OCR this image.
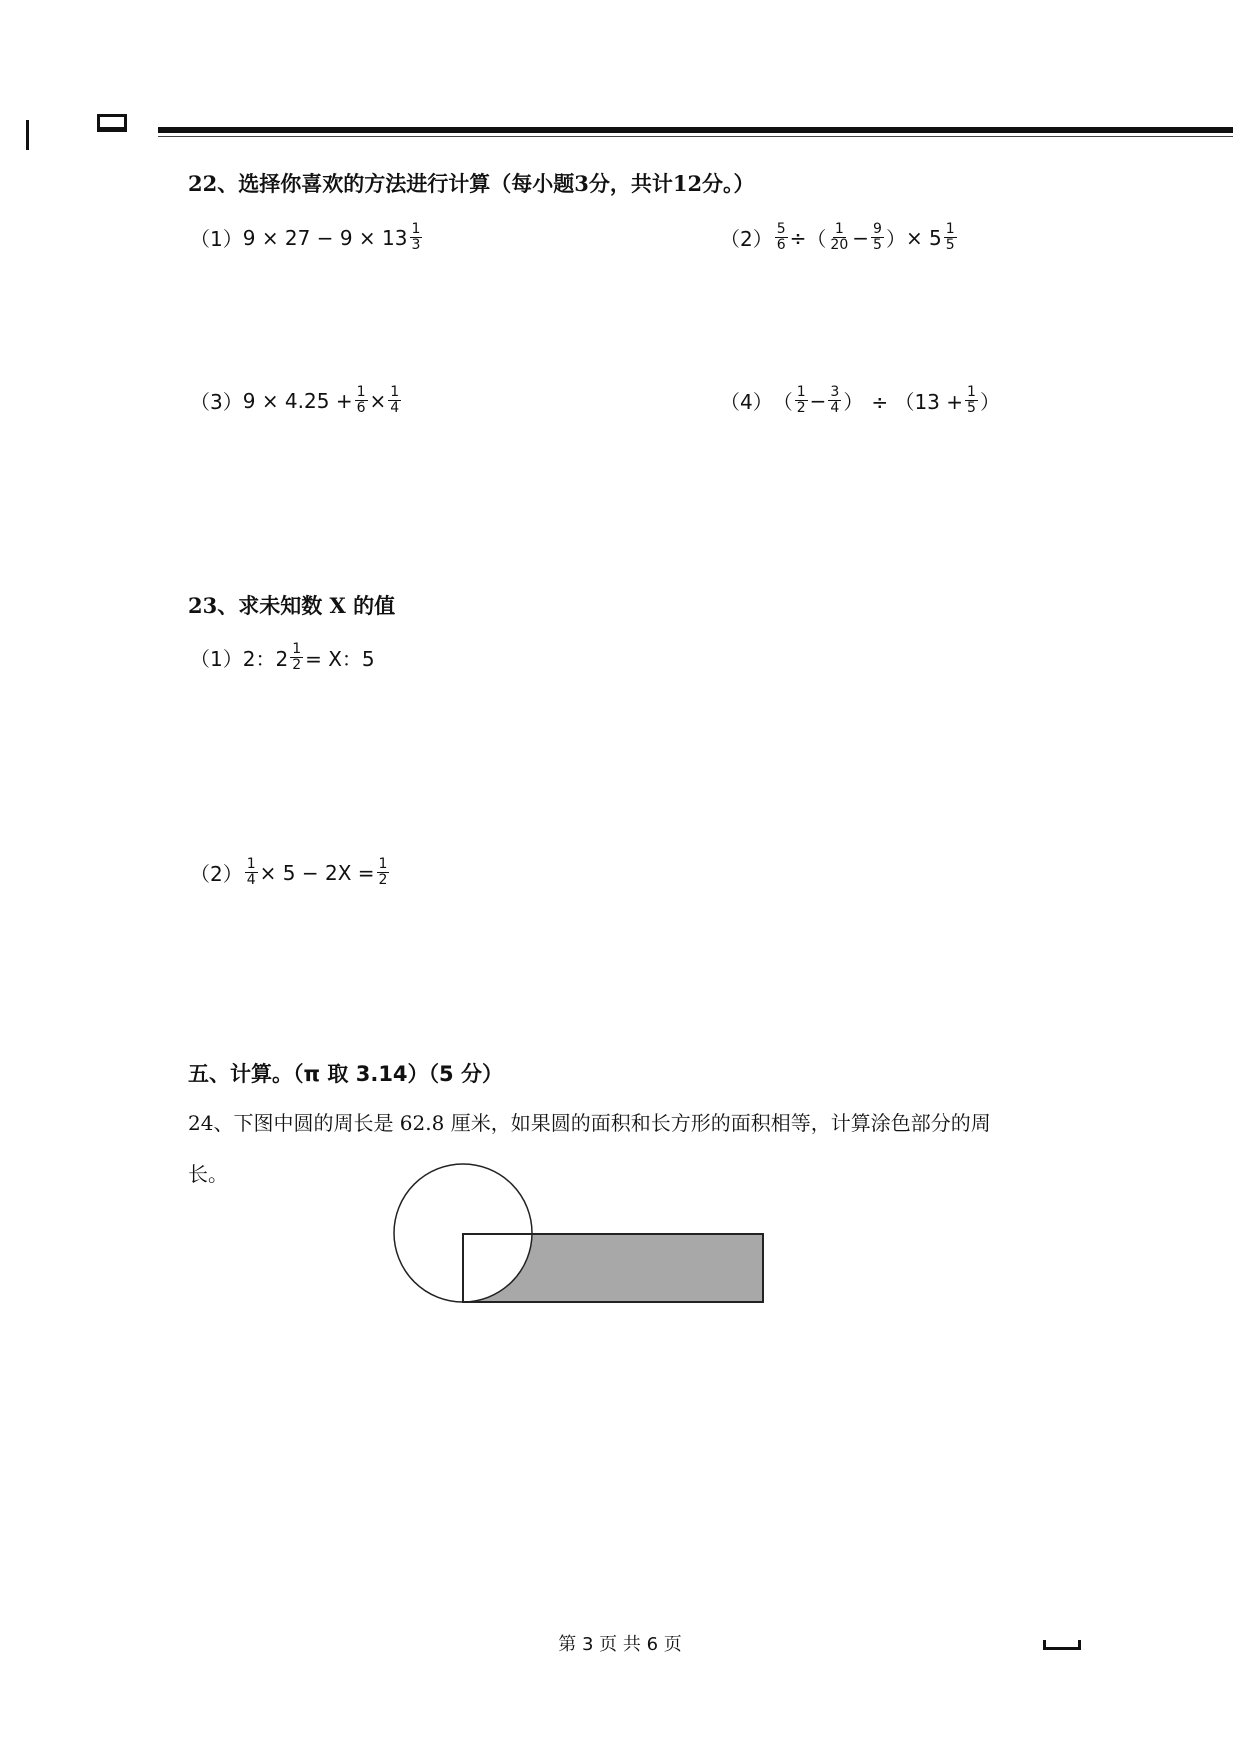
22、选择你喜欢的方法进行计算（每小题3分，共计12分。）
（1） $9 \times 27 - 9 \times 13 \frac{1}{3}$	$(2) \frac{5}{6}$ ÷ （ $\frac{1}{20} - \frac{9}{5}$ ） × $5 \frac{1}{5}$
（3） $9 \times 4.25 + \frac{1}{6} \times \frac{1}{4}$	（4） （ $\frac{1}{2} - \frac{3}{4}$ ） ÷ （$13 + \frac{1}{5}$ ）
23、求未知数 X 的值
（1） 2：$2 \frac{1}{2} = X$：5
$(2) \frac{1}{4} \times 5 - 2X = \frac{1}{2}$
五、计算。（π 取 3.14）（5 分）
24、下图中圆的周长是 62.8 厘米，如果圆的面积和长方形的面积相等，计算涂色部分的周
长。
第 3 页 共 6 页
